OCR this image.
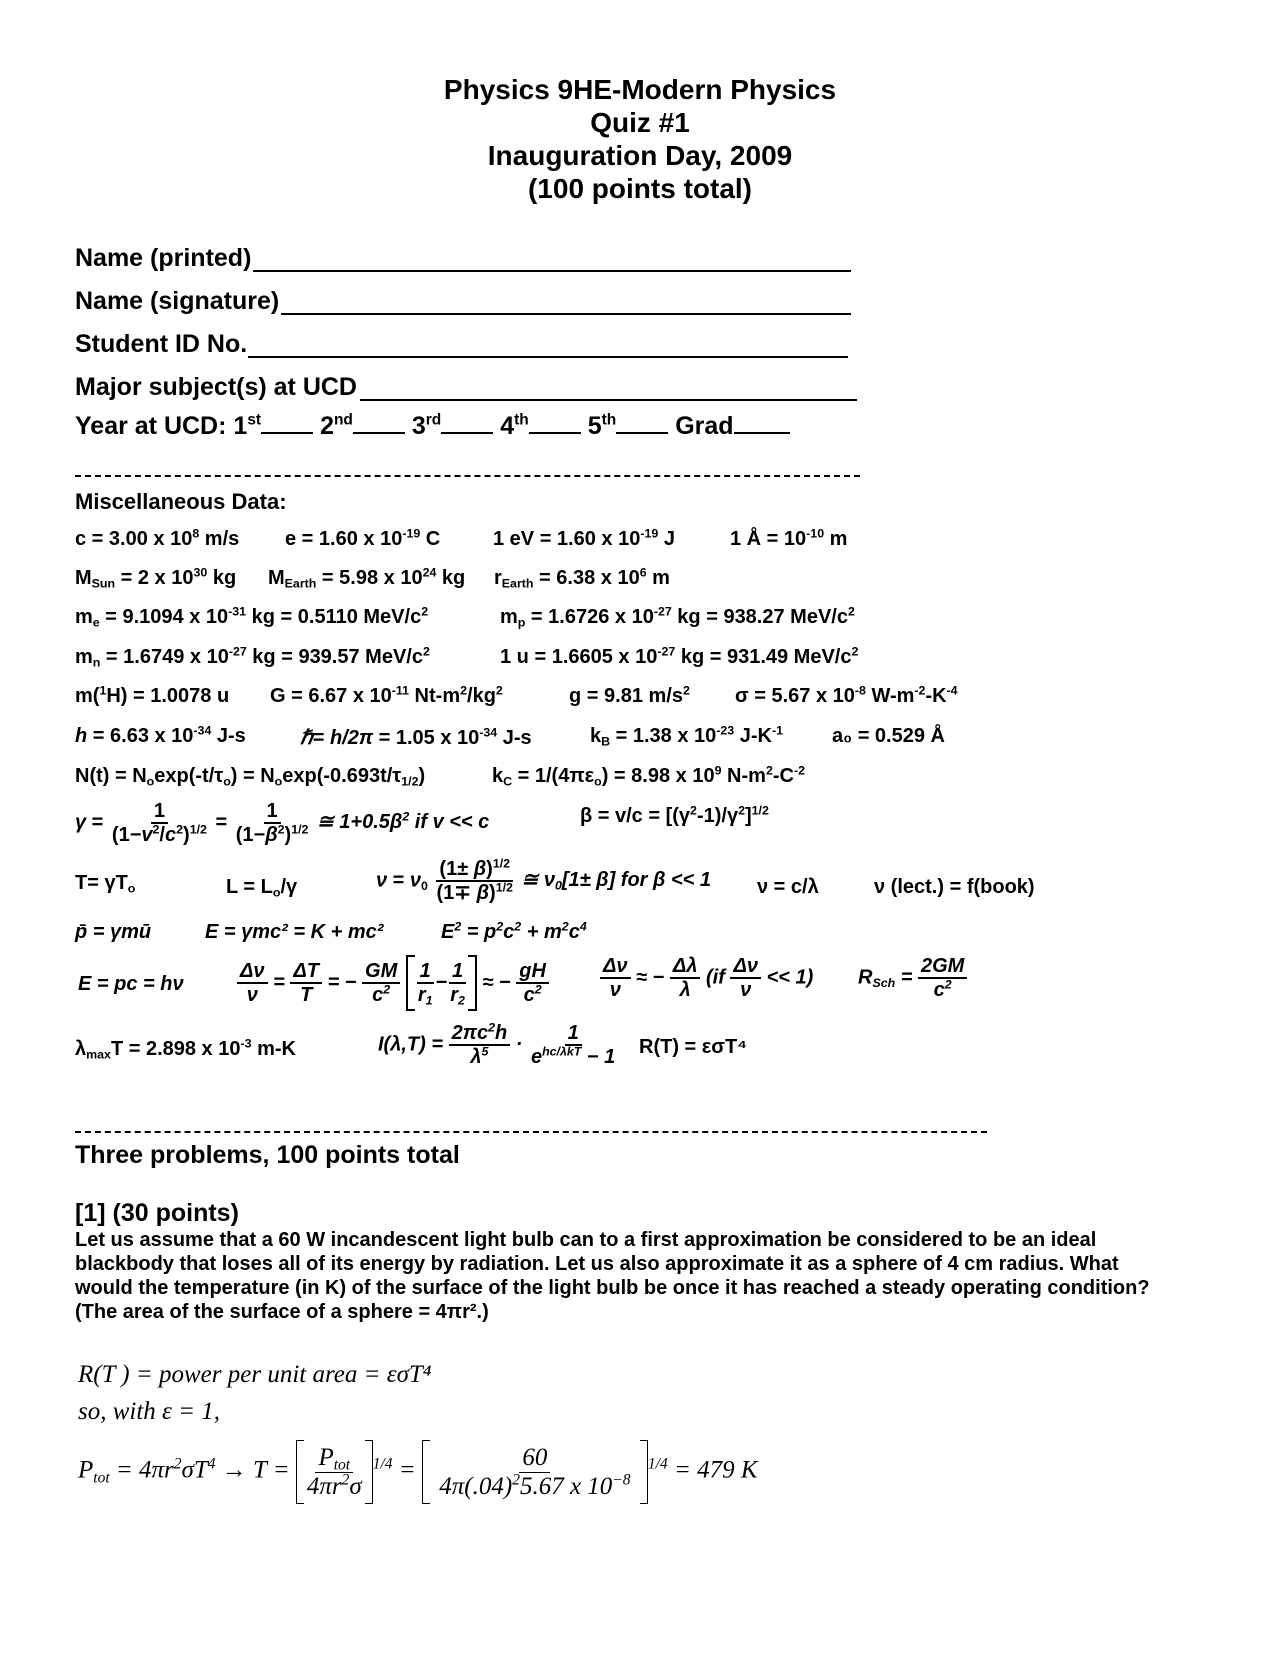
Physics 9HE-Modern Physics
Quiz #1
Inauguration Day, 2009
(100 points total)
Name (printed)
Name (signature)
Student ID No.
Major subject(s) at UCD
Year at UCD: 1st 2nd 3rd 4th 5th Grad
Miscellaneous Data:
c = 3.00 x $10^8$ m/s e = 1.60 x $10^{-19}$ C	1 eV = 1.60 x $10^{-19}$ J	1 Å = $10^{-10}$ m
$M_{Sun} = 2$ x $10^{30}$ kg $M_{Earth} = 5.98$ x $10^{24}$ kg $r_{Earth} = 6.38$ x $10^6$ m
$m_e = 9.1094$ x $10^{-31}$ kg = 0.5110 MeV/$c^2$	$m_p = 1.6726$ x $10^{-27}$ kg = 938.27 MeV/$c^2$
$m_n = 1.6749$ x $10^{-27}$ kg = 939.57 MeV/$c^2$	1 u = 1.6605 x $10^{-27}$ kg = 931.49 MeV/$c^2$
m($^1$H) = 1.0078 u G = 6.67 x $10^{-11}$ $Nt-m^2/kg^2$	g = 9.81 $m/s^2$ σ = 5.67 x $10^{-8}$ $W-m^{-2}-K^{-4}$
h = 6.63 x $10^{-34}$ J-s	ℏ= h/2π = 1.05 x $10^{-34}$ J-s	$k_B = 1.38$ x $10^{-23}$ $J-K^{-1}$ a₀ = 0.529 Å
$N(t) = N_o\exp(-t/\tau_o) = N_o\exp(-0.693t/\tau_{1/2})$	$k_C = 1/(4\pi\varepsilon_o) = 8.98$ x $10^9$ $N-m^2-C^{-2}$
$\gamma = \frac{1}{(1-v^2/c^2)^{1/2}} = \frac{1}{(1-\beta^2)^{1/2}}$ ≅ $1+0.5\beta^2$ if v << c	$\beta = v/c = [(\gamma^2-1)/\gamma^2]^{1/2}$
$T= \gamma T_o$	$L = L_o/\gamma$	$\nu = \nu_0 \frac{(1\pm \beta)^{1/2}}{(1\mp \beta)^{1/2}}$ ≅ $\nu_0[1\pm \beta]$ for β << 1 ν = c/λ	ν (lect.) = f(book)
p̄ = γmū	E = γmc² = K + mc²	$E^2 = p^2c^2 + m^2c^4$
E = pc = hν	$\frac{\Delta\nu}{\nu} = \frac{\Delta T}{T}$ = − $\frac{GM}{c^2}$
$\frac{1}{r_1} - \frac{1}{r_2}$ ≈ − $\frac{gH}{c^2}$	$\frac{\Delta\nu}{\nu}$ ≈ − $\frac{\Delta\lambda}{\lambda} (if \frac{\Delta\nu}{\nu} << 1) R_{Sch} = \frac{2GM}{c^2}$
$\lambda_{max}T = 2.898$ x $10^{-3}$ m-K	$I(\lambda,T) = \frac{2\pi c^2h}{\lambda^5} \cdot \frac{1}{e^{hc/\lambda kT} - 1} R(T) = \varepsilon\sigma T^4$
Three problems, 100 points total
[1] (30 points)
Let us assume that a 60 W incandescent light bulb can to a first approximation be considered to be an ideal
blackbody that loses all of its energy by radiation. Let us also approximate it as a sphere of 4 cm radius. What
would the temperature (in K) of the surface of the light bulb be once it has reached a steady operating condition?
(The area of the surface of a sphere = 4πr².)
R(T ) = power per unit area = εσT⁴
so, with ε = 1,
$P_{tot} = 4\pi r^2\sigma T^4 \to T = \frac{P_{tot}}{4\pi r^2\sigma} ^{1/4} = \frac{60}{4\pi(.04)^25.67 x 10^{-8}} ^{1/4} = 479$ K
